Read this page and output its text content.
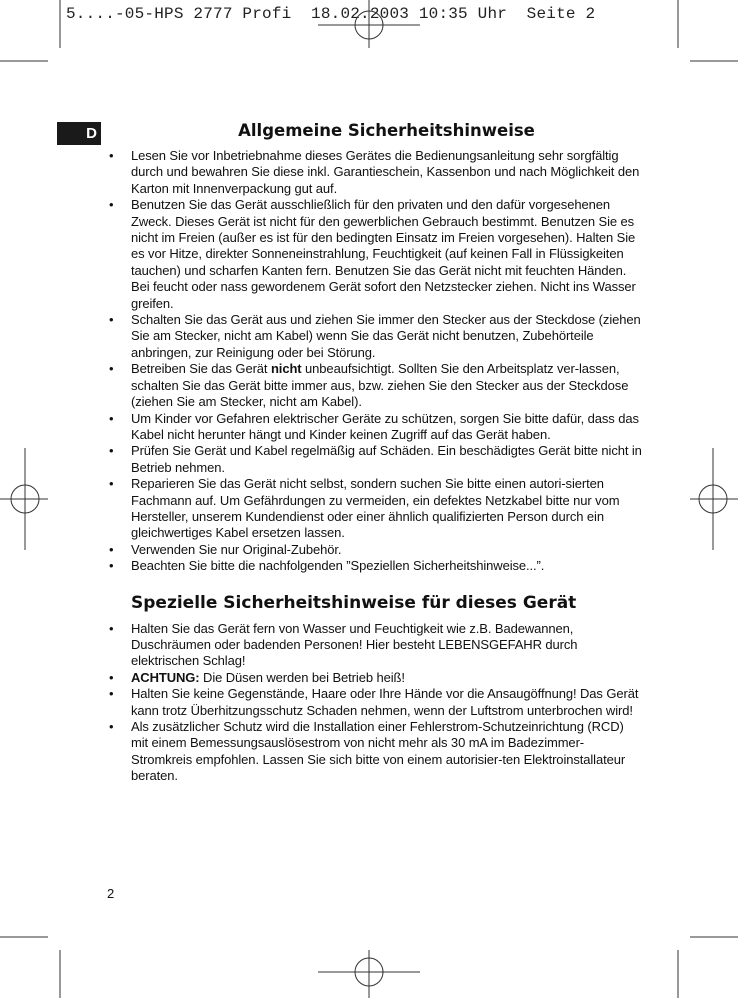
5....-05-HPS 2777 Profi  18.02.2003 10:35 Uhr  Seite 2
D	Allgemeine Sicherheitshinweise
• Lesen Sie vor Inbetriebnahme dieses Gerätes die Bedienungsanleitung sehr sorgfältig durch und bewahren Sie diese inkl. Garantieschein, Kassenbon und nach Möglichkeit den Karton mit Innenverpackung gut auf.
• Benutzen Sie das Gerät ausschließlich für den privaten und den dafür vorgesehenen Zweck. Dieses Gerät ist nicht für den gewerblichen Gebrauch bestimmt. Benutzen Sie es nicht im Freien (außer es ist für den bedingten Einsatz im Freien vorgesehen). Halten Sie es vor Hitze, direkter Sonneneinstrahlung, Feuchtigkeit (auf keinen Fall in Flüssigkeiten tauchen) und scharfen Kanten fern. Benutzen Sie das Gerät nicht mit feuchten Händen. Bei feucht oder nass gewordenem Gerät sofort den Netzstecker ziehen. Nicht ins Wasser greifen.
• Schalten Sie das Gerät aus und ziehen Sie immer den Stecker aus der Steckdose (ziehen Sie am Stecker, nicht am Kabel) wenn Sie das Gerät nicht benutzen, Zubehörteile anbringen, zur Reinigung oder bei Störung.
• Betreiben Sie das Gerät nicht unbeaufsichtigt. Sollten Sie den Arbeitsplatz ver-lassen, schalten Sie das Gerät bitte immer aus, bzw. ziehen Sie den Stecker aus der Steckdose (ziehen Sie am Stecker, nicht am Kabel).
• Um Kinder vor Gefahren elektrischer Geräte zu schützen, sorgen Sie bitte dafür, dass das Kabel nicht herunter hängt und Kinder keinen Zugriff auf das Gerät haben.
• Prüfen Sie Gerät und Kabel regelmäßig auf Schäden. Ein beschädigtes Gerät bitte nicht in Betrieb nehmen.
• Reparieren Sie das Gerät nicht selbst, sondern suchen Sie bitte einen autori-sierten Fachmann auf. Um Gefährdungen zu vermeiden, ein defektes Netzkabel bitte nur vom Hersteller, unserem Kundendienst oder einer ähnlich qualifizierten Person durch ein gleichwertiges Kabel ersetzen lassen.
• Verwenden Sie nur Original-Zubehör.
• Beachten Sie bitte die nachfolgenden ”Speziellen Sicherheitshinweise...”.
Spezielle Sicherheitshinweise für dieses Gerät
• Halten Sie das Gerät fern von Wasser und Feuchtigkeit wie z.B. Badewannen, Duschräumen oder badenden Personen! Hier besteht LEBENSGEFAHR durch elektrischen Schlag!
• ACHTUNG: Die Düsen werden bei Betrieb heiß!
• Halten Sie keine Gegenstände, Haare oder Ihre Hände vor die Ansaugöffnung! Das Gerät kann trotz Überhitzungsschutz Schaden nehmen, wenn der Luftstrom unterbrochen wird!
• Als zusätzlicher Schutz wird die Installation einer Fehlerstrom-Schutzeinrichtung (RCD) mit einem Bemessungsauslösestrom von nicht mehr als 30 mA im Badezimmer-Stromkreis empfohlen. Lassen Sie sich bitte von einem autorisier-ten Elektroinstallateur beraten.
2
